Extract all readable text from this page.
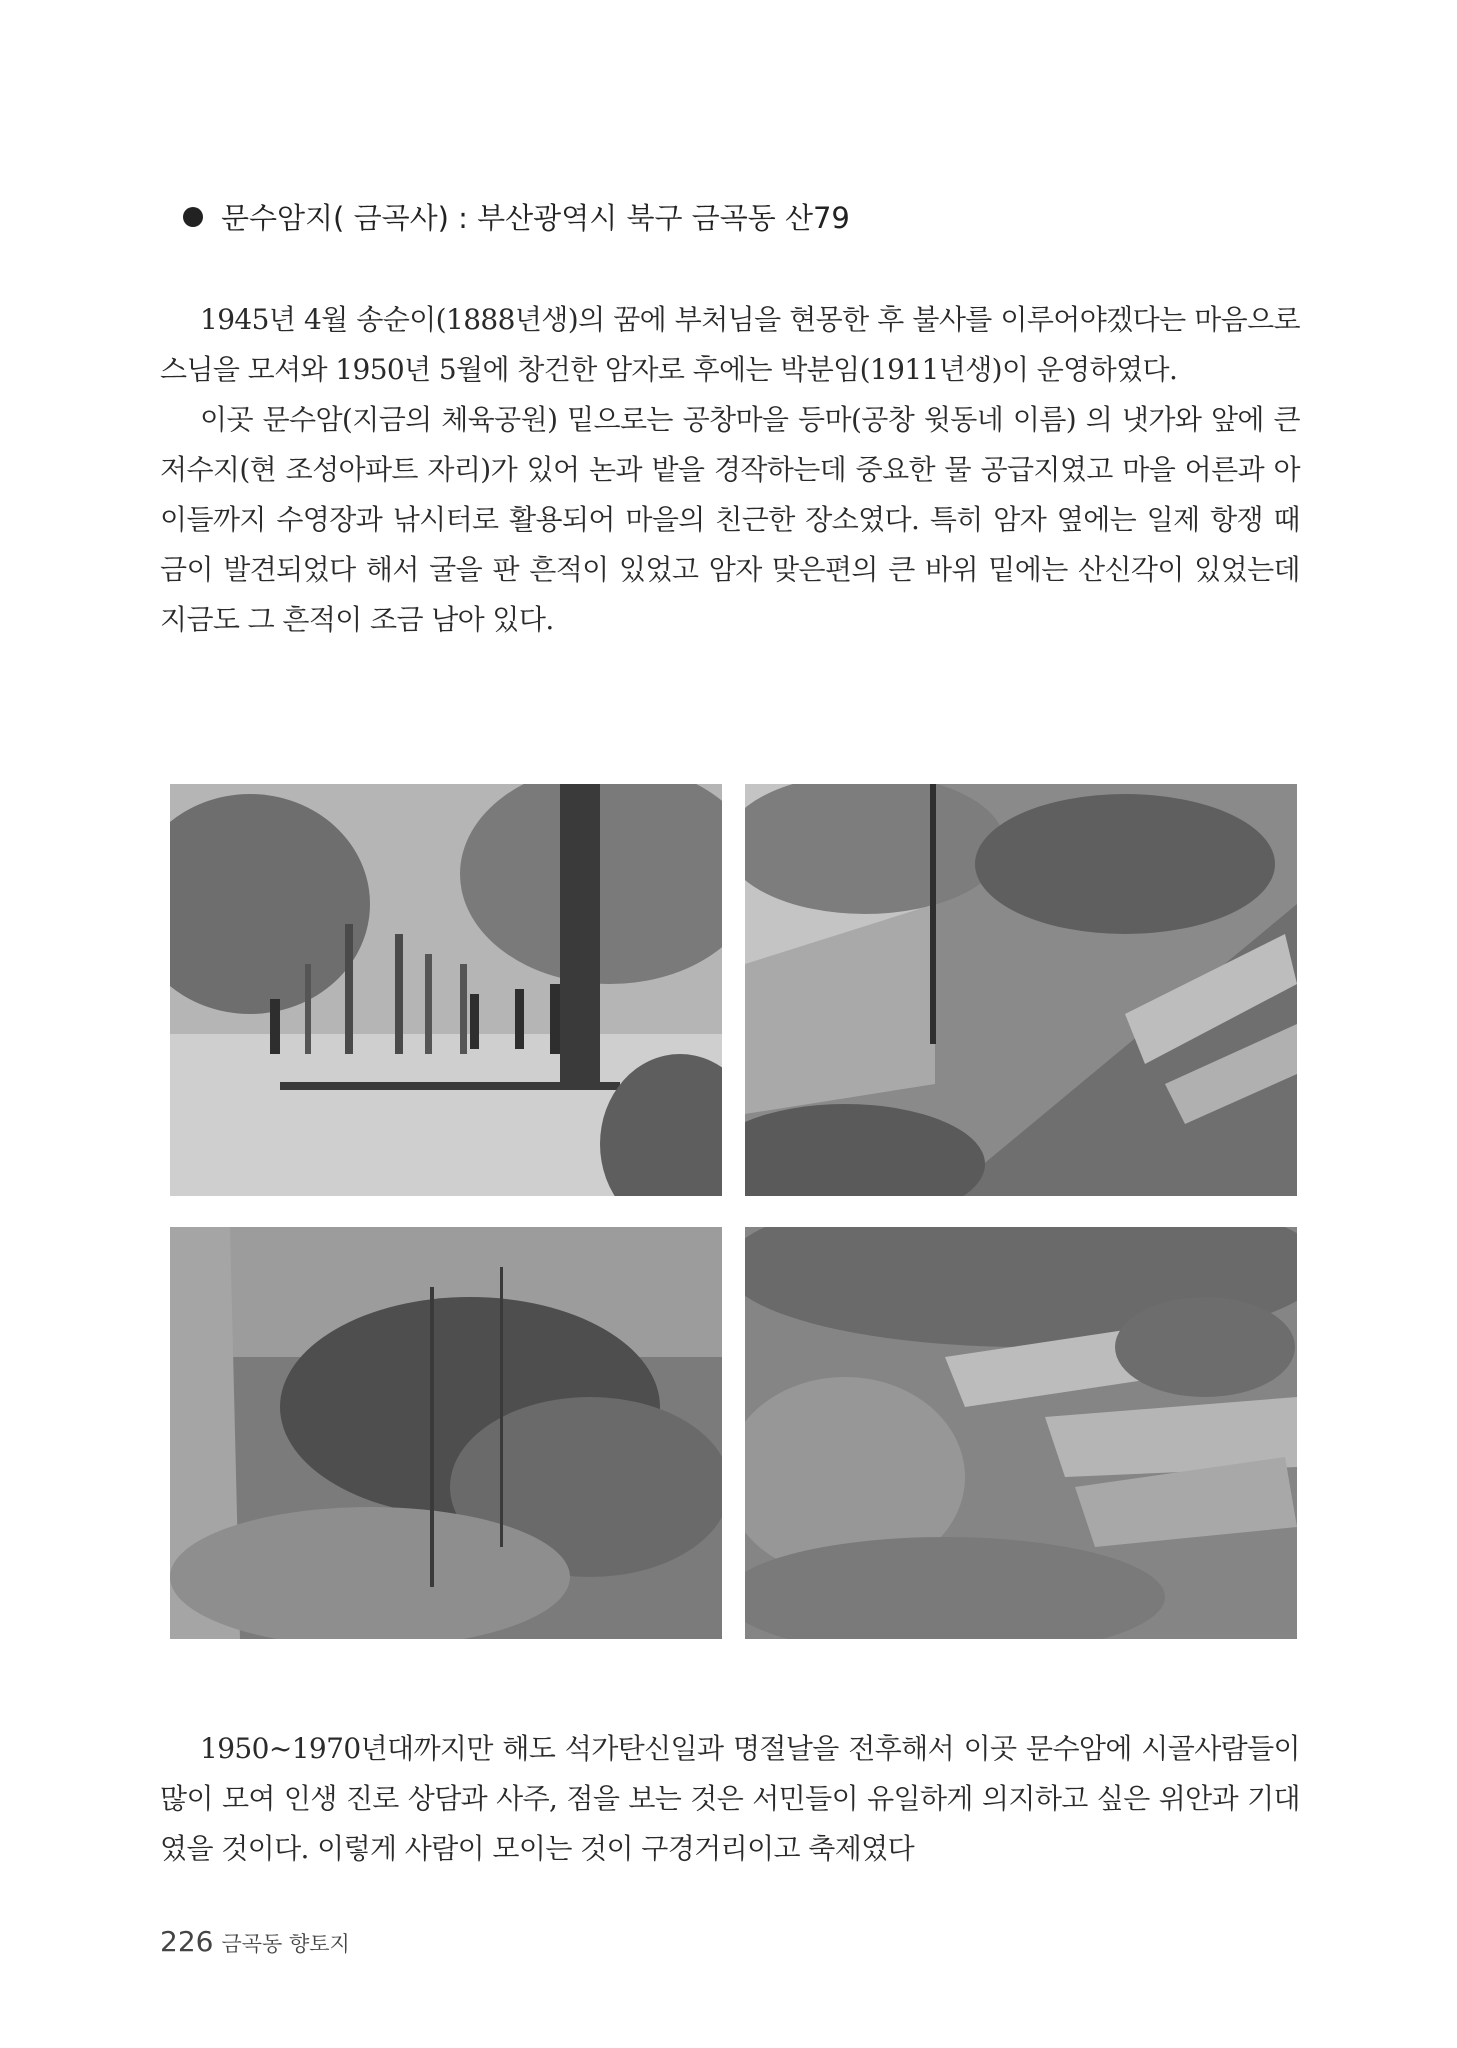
문수암지( 금곡사) : 부산광역시 북구 금곡동 산79

1945년 4월 송순이(1888년생)의 꿈에 부처님을 현몽한 후 불사를 이루어야겠다는 마음으로 스님을 모셔와 1950년 5월에 창건한 암자로 후에는 박분임(1911년생)이 운영하였다.

이곳 문수암(지금의 체육공원) 밑으로는 공창마을 등마(공창 윗동네 이름) 의 냇가와 앞에 큰 저수지(현 조성아파트 자리)가 있어 논과 밭을 경작하는데 중요한 물 공급지였고 마을 어른과 아이들까지 수영장과 낚시터로 활용되어 마을의 친근한 장소였다. 특히 암자 옆에는 일제 항쟁 때 금이 발견되었다 해서 굴을 판 흔적이 있었고 암자 맞은편의 큰 바위 밑에는 산신각이 있었는데 지금도 그 흔적이 조금 남아 있다.

1950~1970년대까지만 해도 석가탄신일과 명절날을 전후해서 이곳 문수암에 시골사람들이 많이 모여 인생 진로 상담과 사주, 점을 보는 것은 서민들이 유일하게 의지하고 싶은 위안과 기대였을 것이다. 이렇게 사람이 모이는 것이 구경거리이고 축제였다

226 금곡동 향토지
